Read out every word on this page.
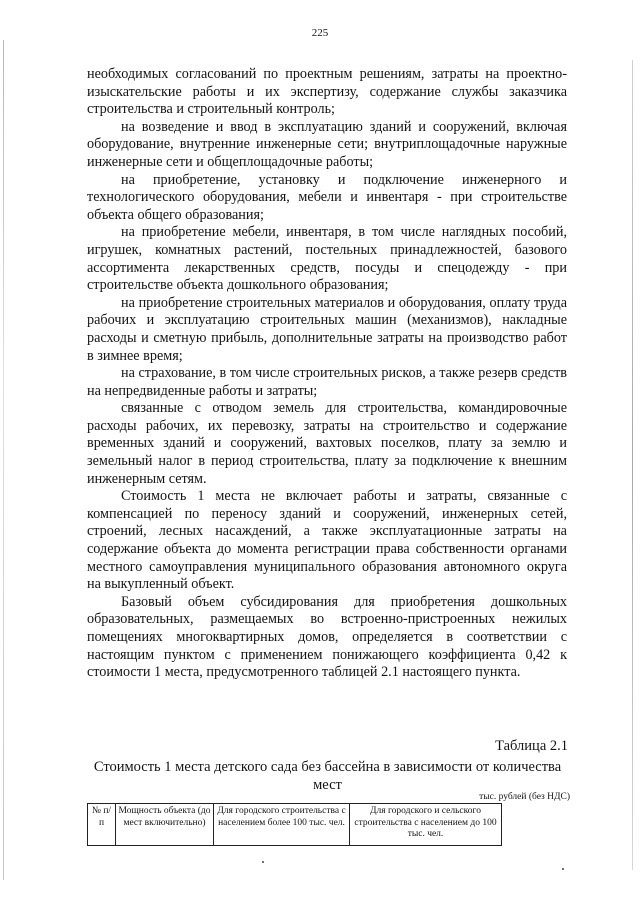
225

необходимых согласований по проектным решениям, затраты на проектно-изыскательские работы и их экспертизу, содержание службы заказчика строительства и строительный контроль;

на возведение и ввод в эксплуатацию зданий и сооружений, включая оборудование, внутренние инженерные сети; внутриплощадочные наружные инженерные сети и общеплощадочные работы;

на приобретение, установку и подключение инженерного и технологического оборудования, мебели и инвентаря - при строительстве объекта общего образования;

на приобретение мебели, инвентаря, в том числе наглядных пособий, игрушек, комнатных растений, постельных принадлежностей, базового ассортимента лекарственных средств, посуды и спецодежду - при строительстве объекта дошкольного образования;

на приобретение строительных материалов и оборудования, оплату труда рабочих и эксплуатацию строительных машин (механизмов), накладные расходы и сметную прибыль, дополнительные затраты на производство работ в зимнее время;

на страхование, в том числе строительных рисков, а также резерв средств на непредвиденные работы и затраты;

связанные с отводом земель для строительства, командировочные расходы рабочих, их перевозку, затраты на строительство и содержание временных зданий и сооружений, вахтовых поселков, плату за землю и земельный налог в период строительства, плату за подключение к внешним инженерным сетям.

Стоимость 1 места не включает работы и затраты, связанные с компенсацией по переносу зданий и сооружений, инженерных сетей, строений, лесных насаждений, а также эксплуатационные затраты на содержание объекта до момента регистрации права собственности органами местного самоуправления муниципального образования автономного округа на выкупленный объект.

Базовый объем субсидирования для приобретения дошкольных образовательных, размещаемых во встроенно-пристроенных нежилых помещениях многоквартирных домов, определяется в соответствии с настоящим пунктом с применением понижающего коэффициента 0,42 к стоимости 1 места, предусмотренного таблицей 2.1 настоящего пункта.

Таблица 2.1
Стоимость 1 места детского сада без бассейна в зависимости от количества мест
тыс. рублей (без НДС)
№ п/п	Мощность объекта (до мест включительно)	Для городского строительства с населением более 100 тыс. чел.	Для городского и сельского строительства с населением до 100 тыс. чел.
